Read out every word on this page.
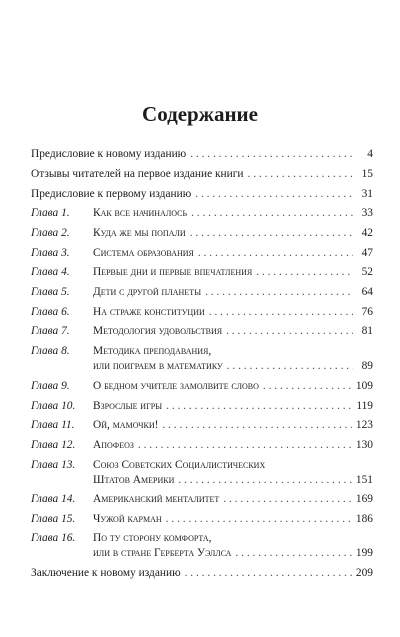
Содержание
Предисловие к новому изданию . . .	4
Отзывы читателей на первое издание книги . . .	15
Предисловие к первому изданию . . .	31
Глава 1.	Как все начиналось . . .	33
Глава 2.	Куда же мы попали . . .	42
Глава 3.	Система образования . . .	47
Глава 4.	Первые дни и первые впечатления . . .	52
Глава 5.	Дети с другой планеты . . .	64
Глава 6.	На страже конституции . . .	76
Глава 7.	Методология удовольствия . . .	81
Глава 8.	Методика преподавания,
или поиграем в математику . . .	89
Глава 9.	О бедном учителе замолвите слово . . .	109
Глава 10.	Взрослые игры . . .	119
Глава 11.	Ой, мамочки! . . .	123
Глава 12.	Апофеоз . . .	130
Глава 13.	Союз Советских Социалистических
Штатов Америки . . .	151
Глава 14.	Американский менталитет . . .	169
Глава 15.	Чужой карман . . .	186
Глава 16.	По ту сторону комфорта,
или в стране Герберта Уэллса . . .	199
Заключение к новому изданию . . .	209
